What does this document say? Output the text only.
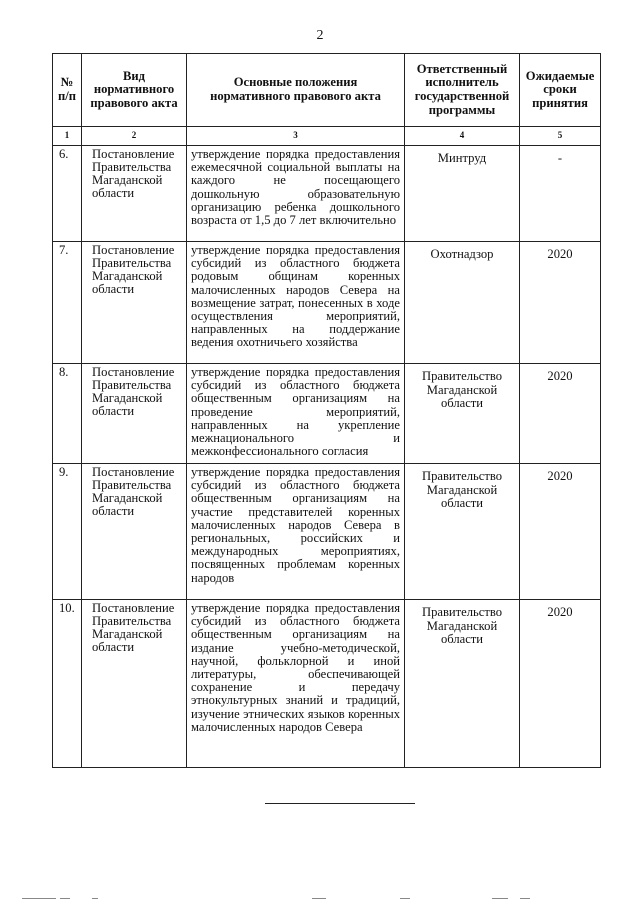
2
№
п/п	Вид
нормативного
правового акта	Основные положения
нормативного правового акта	Ответственный
исполнитель
государственной
программы	Ожидаемые
сроки
принятия
1	2	3	4	5
6.	Постановление Правительства Магаданской области	утверждение порядка предоставления ежемесячной социальной выплаты на каждого не посещающего дошкольную образовательную организацию ребенка дошкольного возраста от 1,5 до 7 лет включительно	Минтруд	-
7.	Постановление Правительства Магаданской области	утверждение порядка предоставления субсидий из областного бюджета родовым общинам коренных малочисленных народов Севера на возмещение затрат, понесенных в ходе осуществления мероприятий, направленных на поддержание ведения охотничьего хозяйства	Охотнадзор	2020
8.	Постановление Правительства Магаданской области	утверждение порядка предоставления субсидий из областного бюджета общественным организациям на проведение мероприятий, направленных на укрепление межнационального и межконфессионального согласия	Правительство Магаданской области	2020
9.	Постановление Правительства Магаданской области	утверждение порядка предоставления субсидий из областного бюджета общественным организациям на участие представителей коренных малочисленных народов Севера в региональных, российских и международных мероприятиях, посвященных проблемам коренных народов	Правительство Магаданской области	2020
10.	Постановление Правительства Магаданской области	утверждение порядка предоставления субсидий из областного бюджета общественным организациям на издание учебно-методической, научной, фольклорной и иной литературы, обеспечивающей сохранение и передачу этнокультурных знаний и традиций, изучение этнических языков коренных малочисленных народов Севера	Правительство Магаданской области	2020
